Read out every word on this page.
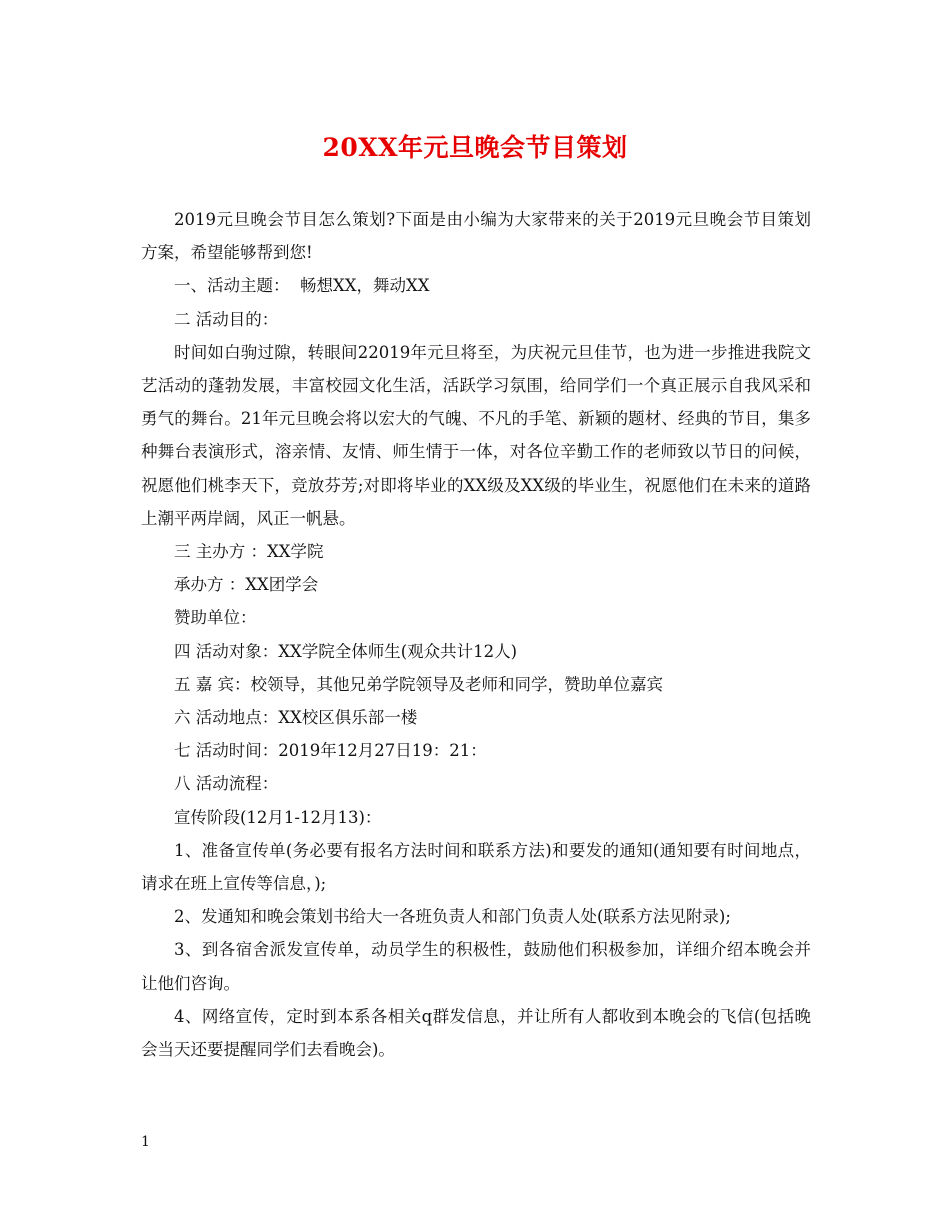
20XX年元旦晚会节目策划

2019元旦晚会节目怎么策划?下面是由小编为大家带来的关于2019元旦晚会节目策划方案，希望能够帮到您!

一、活动主题：  畅想XX，舞动XX

二 活动目的：

时间如白驹过隙，转眼间22019年元旦将至，为庆祝元旦佳节，也为进一步推进我院文艺活动的蓬勃发展，丰富校园文化生活，活跃学习氛围，给同学们一个真正展示自我风采和勇气的舞台。21年元旦晚会将以宏大的气魄、不凡的手笔、新颖的题材、经典的节目，集多种舞台表演形式，溶亲情、友情、师生情于一体，对各位辛勤工作的老师致以节日的问候，祝愿他们桃李天下，竞放芬芳;对即将毕业的XX级及XX级的毕业生，祝愿他们在未来的道路上潮平两岸阔，风正一帆悬。

三 主办方 ：XX学院

承办方 ：XX团学会

赞助单位：

四 活动对象：XX学院全体师生(观众共计12人)

五 嘉 宾：校领导，其他兄弟学院领导及老师和同学，赞助单位嘉宾

六 活动地点：XX校区俱乐部一楼

七 活动时间：2019年12月27日19：21：

八 活动流程：

宣传阶段(12月1-12月13)：

1、准备宣传单(务必要有报名方法时间和联系方法)和要发的通知(通知要有时间地点，请求在班上宣传等信息，);

2、发通知和晚会策划书给大一各班负责人和部门负责人处(联系方法见附录);

3、到各宿舍派发宣传单，动员学生的积极性，鼓励他们积极参加，详细介绍本晚会并让他们咨询。

4、网络宣传，定时到本系各相关q群发信息，并让所有人都收到本晚会的飞信(包括晚会当天还要提醒同学们去看晚会)。

1
